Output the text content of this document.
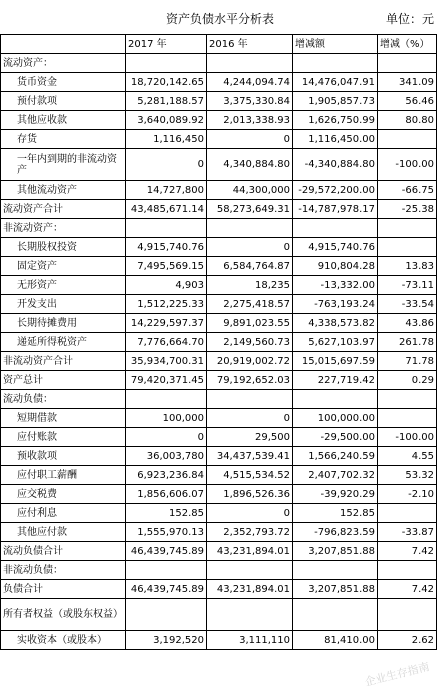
资产负债水平分析表	单位：元
	2017 年	2016 年	增减额	增减（%）
流动资产：				
货币资金	18,720,142.65	4,244,094.74	14,476,047.91	341.09
预付款项	5,281,188.57	3,375,330.84	1,905,857.73	56.46
其他应收款	3,640,089.92	2,013,338.93	1,626,750.99	80.80
存货	1,116,450	0	1,116,450.00	
一年内到期的非流动资产	0	4,340,884.80	-4,340,884.80	-100.00
其他流动资产	14,727,800	44,300,000	-29,572,200.00	-66.75
流动资产合计	43,485,671.14	58,273,649.31	-14,787,978.17	-25.38
非流动资产：				
长期股权投资	4,915,740.76	0	4,915,740.76	
固定资产	7,495,569.15	6,584,764.87	910,804.28	13.83
无形资产	4,903	18,235	-13,332.00	-73.11
开发支出	1,512,225.33	2,275,418.57	-763,193.24	-33.54
长期待摊费用	14,229,597.37	9,891,023.55	4,338,573.82	43.86
递延所得税资产	7,776,664.70	2,149,560.73	5,627,103.97	261.78
非流动资产合计	35,934,700.31	20,919,002.72	15,015,697.59	71.78
资产总计	79,420,371.45	79,192,652.03	227,719.42	0.29
流动负债：				
短期借款	100,000	0	100,000.00	
应付账款	0	29,500	-29,500.00	-100.00
预收款项	36,003,780	34,437,539.41	1,566,240.59	4.55
应付职工薪酬	6,923,236.84	4,515,534.52	2,407,702.32	53.32
应交税费	1,856,606.07	1,896,526.36	-39,920.29	-2.10
应付利息	152.85	0	152.85	
其他应付款	1,555,970.13	2,352,793.72	-796,823.59	-33.87
流动负债合计	46,439,745.89	43,231,894.01	3,207,851.88	7.42
非流动负债：				
负债合计	46,439,745.89	43,231,894.01	3,207,851.88	7.42
所有者权益（或股东权益）				
实收资本（或股本）	3,192,520	3,111,110	81,410.00	2.62
企业生存指南
